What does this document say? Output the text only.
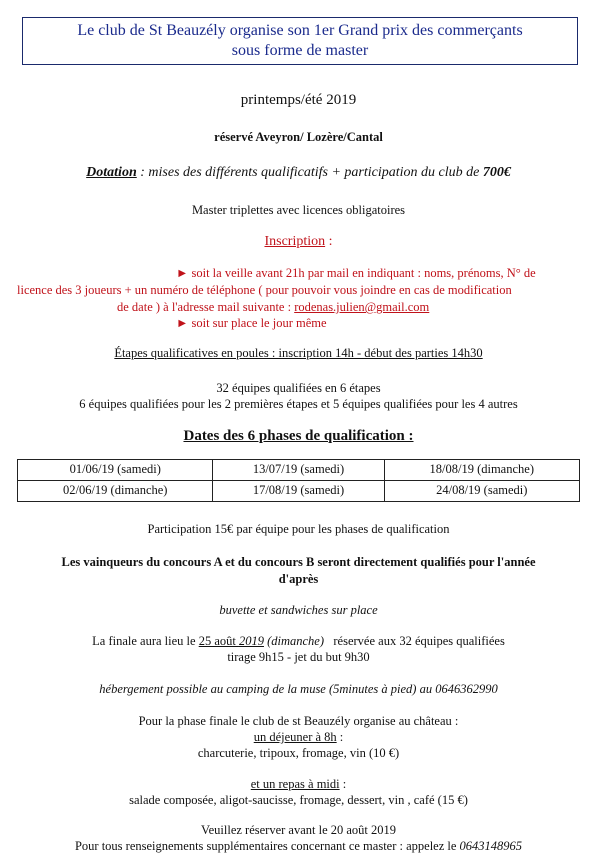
Le club de St Beauzély organise son 1er Grand prix des commerçants
sous forme de master
printemps/été 2019
réservé Aveyron/ Lozère/Cantal
Dotation : mises des différents qualificatifs + participation du club de 700€
Master triplettes avec licences obligatoires
Inscription :
► soit la veille avant 21h par mail en indiquant : noms, prénoms, N° de
licence des 3 joueurs + un numéro de téléphone ( pour pouvoir vous joindre en cas de modification
de date ) à l'adresse mail suivante : rodenas.julien@gmail.com
► soit sur place le jour même
Étapes qualificatives en poules : inscription 14h - début des parties 14h30
32 équipes qualifiées en 6 étapes
6 équipes qualifiées pour les 2 premières étapes et 5 équipes qualifiées pour les 4 autres
Dates des 6 phases de qualification :
01/06/19 (samedi)	13/07/19 (samedi)	18/08/19 (dimanche)
02/06/19 (dimanche)	17/08/19 (samedi)	24/08/19 (samedi)
Participation 15€ par équipe pour les phases de qualification
Les vainqueurs du concours A et du concours B seront directement qualifiés pour l'année
d'après
buvette et sandwiches sur place
La finale aura lieu le 25 août 2019 (dimanche)   réservée aux 32 équipes qualifiées
tirage 9h15 - jet du but 9h30
hébergement possible au camping de la muse (5minutes à pied) au 0646362990
Pour la phase finale le club de st Beauzély organise au château :
un déjeuner à 8h :
charcuterie, tripoux, fromage, vin (10 €)
et un repas à midi :
salade composée, aligot-saucisse, fromage, dessert, vin , café (15 €)
Veuillez réserver avant le 20 août 2019
Pour tous renseignements supplémentaires concernant ce master : appelez le 0643148965
